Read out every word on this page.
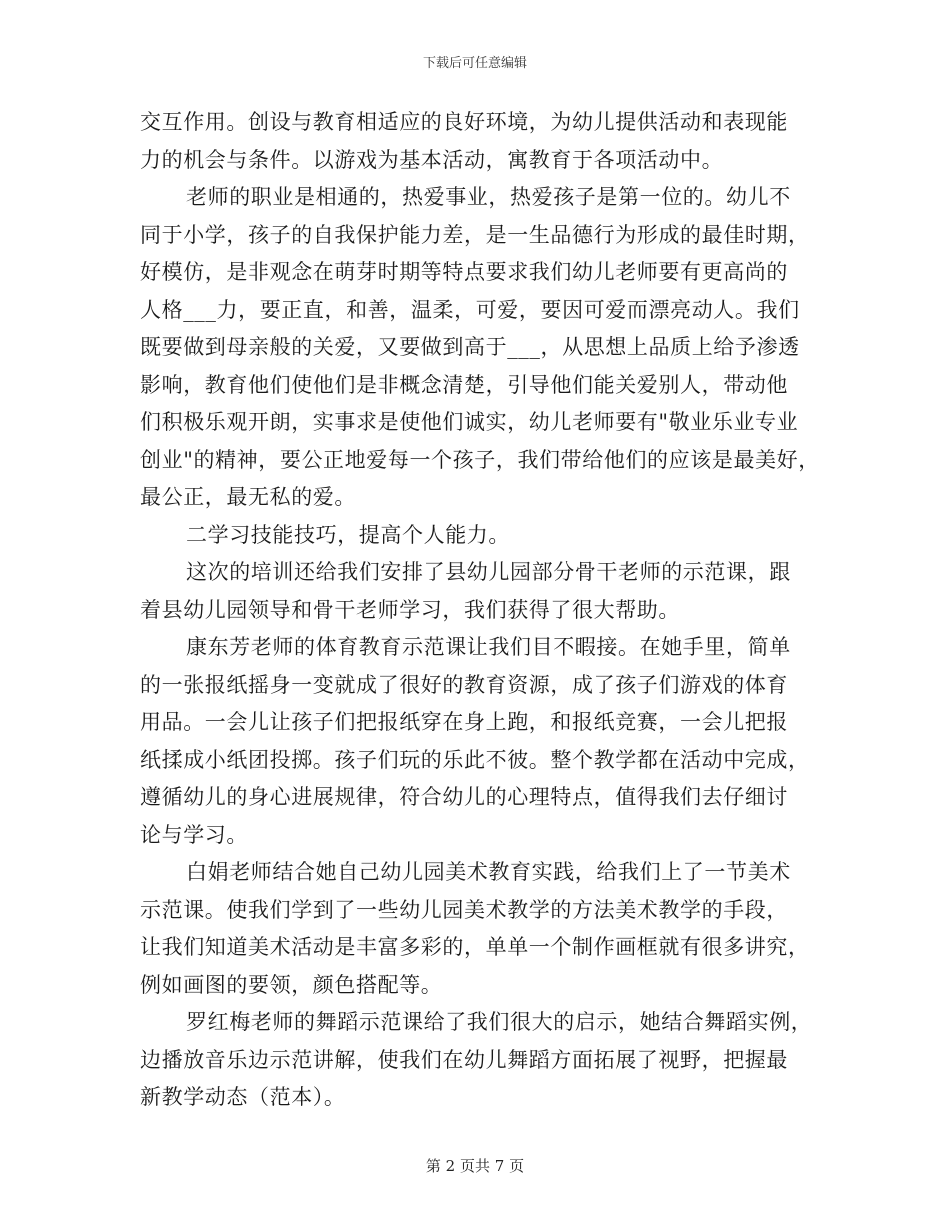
下载后可任意编辑
交互作用。创设与教育相适应的良好环境，为幼儿提供活动和表现能
力的机会与条件。以游戏为基本活动，寓教育于各项活动中。
老师的职业是相通的，热爱事业，热爱孩子是第一位的。幼儿不
同于小学，孩子的自我保护能力差，是一生品德行为形成的最佳时期，
好模仿，是非观念在萌芽时期等特点要求我们幼儿老师要有更高尚的
人格___力，要正直，和善，温柔，可爱，要因可爱而漂亮动人。我们
既要做到母亲般的关爱，又要做到高于___，从思想上品质上给予渗透
影响，教育他们使他们是非概念清楚，引导他们能关爱别人，带动他
们积极乐观开朗，实事求是使他们诚实，幼儿老师要有"敬业乐业专业
创业"的精神，要公正地爱每一个孩子，我们带给他们的应该是最美好，
最公正，最无私的爱。
二学习技能技巧，提高个人能力。
这次的培训还给我们安排了县幼儿园部分骨干老师的示范课，跟
着县幼儿园领导和骨干老师学习，我们获得了很大帮助。
康东芳老师的体育教育示范课让我们目不暇接。在她手里，简单
的一张报纸摇身一变就成了很好的教育资源，成了孩子们游戏的体育
用品。一会儿让孩子们把报纸穿在身上跑，和报纸竞赛，一会儿把报
纸揉成小纸团投掷。孩子们玩的乐此不彼。整个教学都在活动中完成，
遵循幼儿的身心进展规律，符合幼儿的心理特点，值得我们去仔细讨
论与学习。
白娟老师结合她自己幼儿园美术教育实践，给我们上了一节美术
示范课。使我们学到了一些幼儿园美术教学的方法美术教学的手段，
让我们知道美术活动是丰富多彩的，单单一个制作画框就有很多讲究，
例如画图的要领，颜色搭配等。
罗红梅老师的舞蹈示范课给了我们很大的启示，她结合舞蹈实例，
边播放音乐边示范讲解，使我们在幼儿舞蹈方面拓展了视野，把握最
新教学动态（范本）。
第 2 页共 7 页
